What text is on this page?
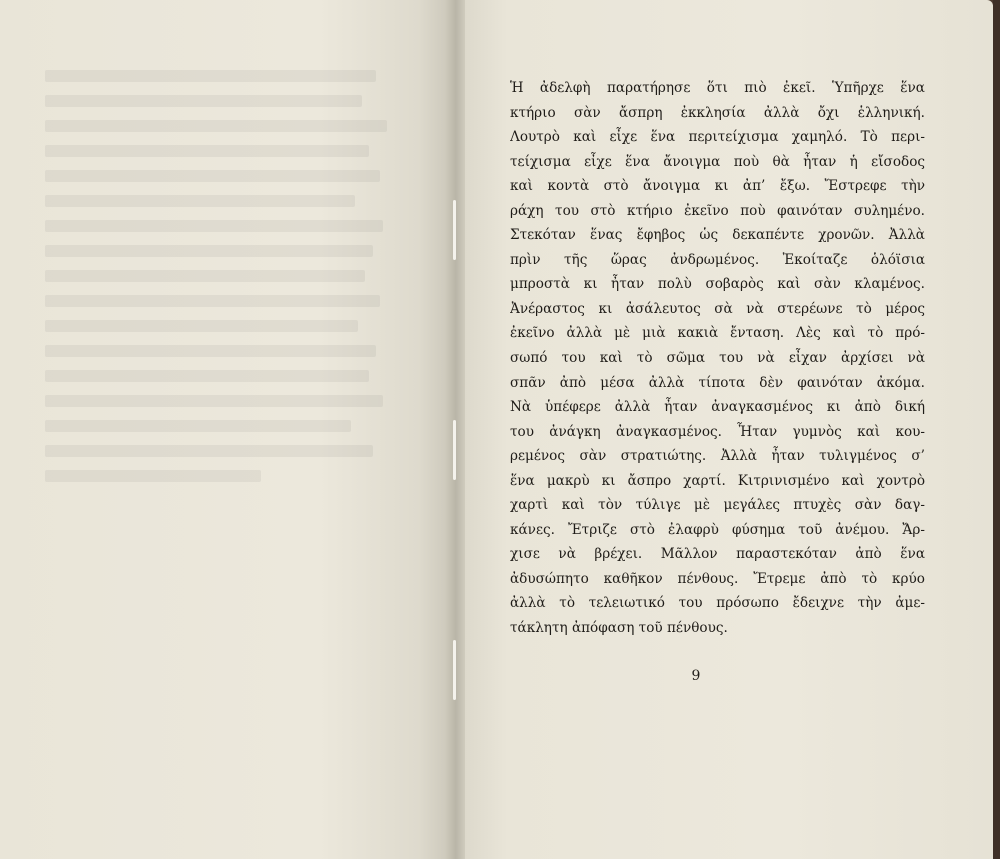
Ἡ ἀδελφὴ παρατήρησε ὅτι πιὸ ἐκεῖ. Ὑπῆρχε ἕνα
κτήριο σὰν ἄσπρη ἐκκλησία ἀλλὰ ὄχι ἑλληνική.
Λουτρὸ καὶ εἶχε ἕνα περιτείχισμα χαμηλό. Τὸ περι-
τείχισμα εἶχε ἕνα ἄνοιγμα ποὺ θὰ ἦταν ἡ εἴσοδος
καὶ κοντὰ στὸ ἄνοιγμα κι ἀπ’ ἔξω. Ἔστρεφε τὴν
ράχη του στὸ κτήριο ἐκεῖνο ποὺ φαινόταν συλημένο.
Στεκόταν ἕνας ἔφηβος ὡς δεκαπέντε χρονῶν. Ἀλλὰ
πρὶν τῆς ὥρας ἀνδρωμένος. Ἐκοίταζε ὁλόϊσια
μπροστὰ κι ἦταν πολὺ σοβαρὸς καὶ σὰν κλαμένος.
Ἀνέραστος κι ἀσάλευτος σὰ νὰ στερέωνε τὸ μέρος
ἐκεῖνο ἀλλὰ μὲ μιὰ κακιὰ ἔνταση. Λὲς καὶ τὸ πρό-
σωπό του καὶ τὸ σῶμα του νὰ εἶχαν ἀρχίσει νὰ
σπᾶν ἀπὸ μέσα ἀλλὰ τίποτα δὲν φαινόταν ἀκόμα.
Νὰ ὑπέφερε ἀλλὰ ἦταν ἀναγκασμένος κι ἀπὸ δική
του ἀνάγκη ἀναγκασμένος. Ἦταν γυμνὸς καὶ κου-
ρεμένος σὰν στρατιώτης. Ἀλλὰ ἦταν τυλιγμένος σ’
ἕνα μακρὺ κι ἄσπρο χαρτί. Κιτρινισμένο καὶ χοντρὸ
χαρτὶ καὶ τὸν τύλιγε μὲ μεγάλες πτυχὲς σὰν δαγ-
κάνες. Ἔτριζε στὸ ἐλαφρὺ φύσημα τοῦ ἀνέμου. Ἄρ-
χισε νὰ βρέχει. Μᾶλλον παραστεκόταν ἀπὸ ἕνα
ἀδυσώπητο καθῆκον πένθους. Ἔτρεμε ἀπὸ τὸ κρύο
ἀλλὰ τὸ τελειωτικό του πρόσωπο ἔδειχνε τὴν ἀμε-
τάκλητη ἀπόφαση τοῦ πένθους.
9
